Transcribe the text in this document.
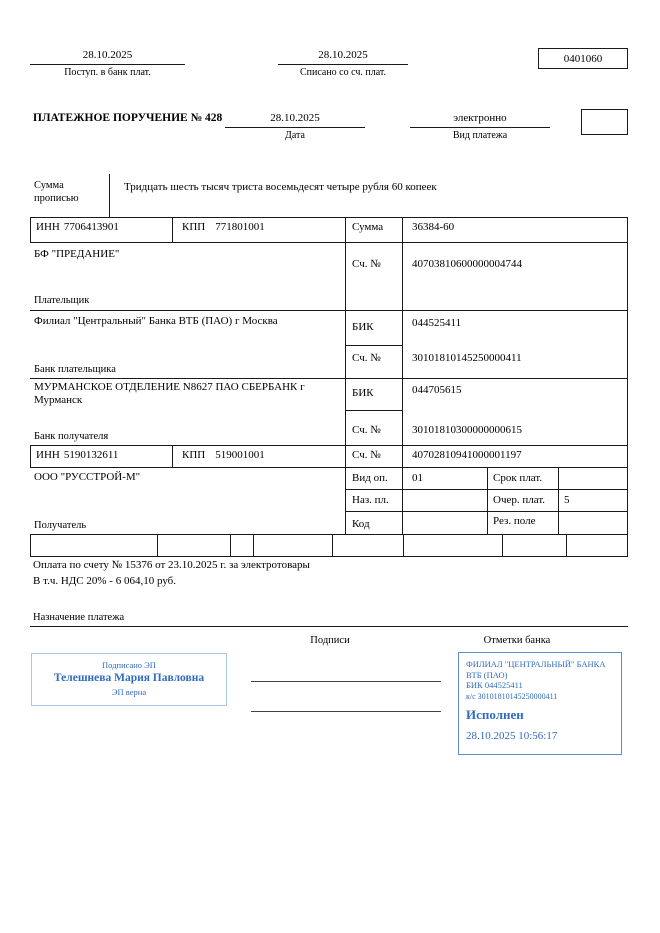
28.10.2025
Поступ. в банк плат.
28.10.2025
Списано со сч. плат.
0401060
ПЛАТЕЖНОЕ ПОРУЧЕНИЕ № 428	28.10.2025
Дата
электронно
Вид платежа
Сумма прописью
Тридцать шесть тысяч триста восемьдесят четыре рубля 60 копеек
ИНН 7706413901	КПП 771801001	Сумма	36384-60
БФ "ПРЕДАНИЕ"
Сч. №	40703810600000004744
Плательщик
Филиал "Центральный" Банка ВТБ (ПАО) г Москва	БИК	044525411
Сч. №	30101810145250000411
Банк плательщика
МУРМАНСКОЕ ОТДЕЛЕНИЕ N8627 ПАО СБЕРБАНК г Мурманск
БИК	044705615
Сч. №	30101810300000000615
Банк получателя
ИНН 5190132611	КПП 519001001	Сч. №	40702810941000001197
ООО "РУССТРОЙ-М"	Вид оп. 01	Срок плат.
Наз. пл.	Очер. плат. 5
Код	Рез. поле
Получатель
Оплата по счету № 15376 от 23.10.2025 г. за электротовары
В т.ч. НДС 20% - 6 064,10 руб.
Назначение платежа
Подписи	Отметки банка
Подписано ЭП
Телешнева Мария Павловна
ЭП верна
ФИЛИАЛ "ЦЕНТРАЛЬНЫЙ" БАНКА ВТБ (ПАО)
БИК 044525411
к/с 30101810145250000411
Исполнен
28.10.2025 10:56:17
